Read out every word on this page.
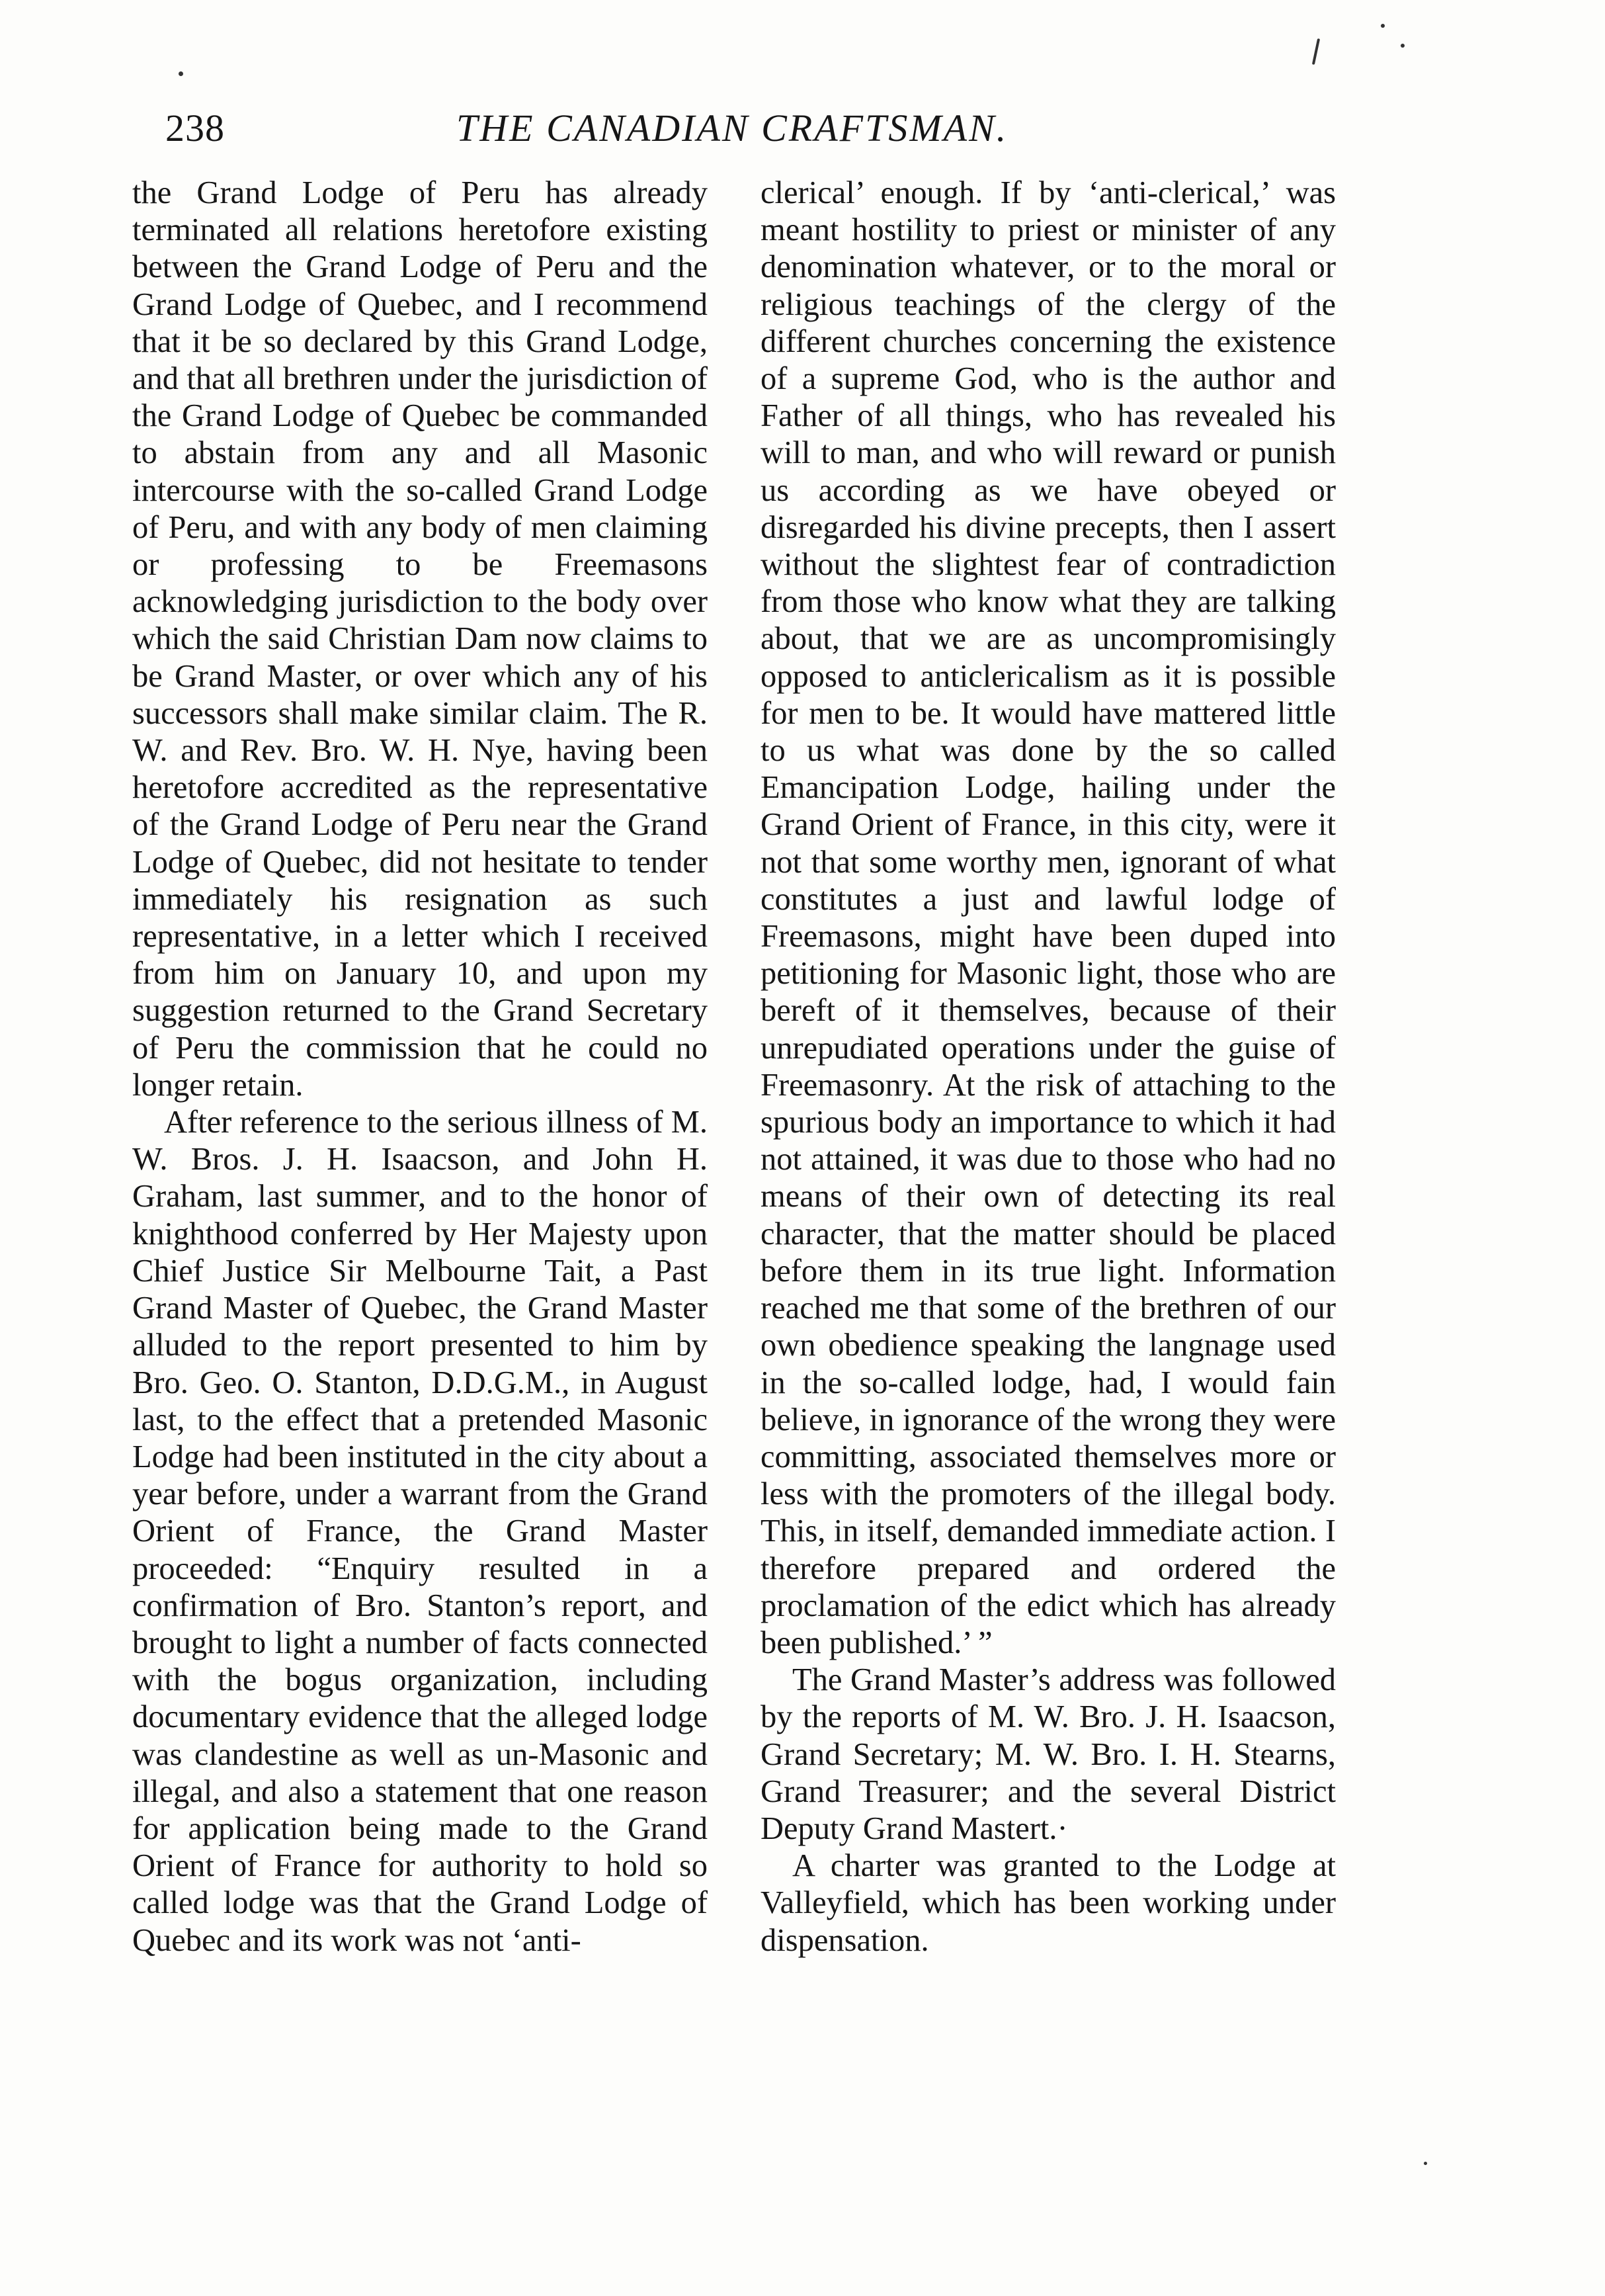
238	THE CANADIAN CRAFTSMAN.

the Grand Lodge of Peru has already terminated all relations heretofore existing between the Grand Lodge of Peru and the Grand Lodge of Quebec, and I recommend that it be so declared by this Grand Lodge, and that all brethren under the jurisdiction of the Grand Lodge of Quebec be commanded to abstain from any and all Masonic intercourse with the so-called Grand Lodge of Peru, and with any body of men claiming or professing to be Freemasons acknowledging jurisdiction to the body over which the said Christian Dam now claims to be Grand Master, or over which any of his successors shall make similar claim. The R. W. and Rev. Bro. W. H. Nye, having been heretofore accredited as the representative of the Grand Lodge of Peru near the Grand Lodge of Quebec, did not hesitate to tender immediately his resignation as such representative, in a letter which I received from him on January 10, and upon my suggestion returned to the Grand Secretary of Peru the commission that he could no longer retain.

After reference to the serious illness of M. W. Bros. J. H. Isaacson, and John H. Graham, last summer, and to the honor of knighthood conferred by Her Majesty upon Chief Justice Sir Melbourne Tait, a Past Grand Master of Quebec, the Grand Master alluded to the report presented to him by Bro. Geo. O. Stanton, D.D.G.M., in August last, to the effect that a pretended Masonic Lodge had been instituted in the city about a year before, under a warrant from the Grand Orient of France, the Grand Master proceeded: “Enquiry resulted in a confirmation of Bro. Stanton’s report, and brought to light a number of facts connected with the bogus organization, including documentary evidence that the alleged lodge was clandestine as well as un-Masonic and illegal, and also a statement that one reason for application being made to the Grand Orient of France for authority to hold so called lodge was that the Grand Lodge of Quebec and its work was not ‘anti-

clerical’ enough. If by ‘anti-clerical,’ was meant hostility to priest or minister of any denomination whatever, or to the moral or religious teachings of the clergy of the different churches concerning the existence of a supreme God, who is the author and Father of all things, who has revealed his will to man, and who will reward or punish us according as we have obeyed or disregarded his divine precepts, then I assert without the slightest fear of contradiction from those who know what they are talking about, that we are as uncompromisingly opposed to anticlericalism as it is possible for men to be. It would have mattered little to us what was done by the so called Emancipation Lodge, hailing under the Grand Orient of France, in this city, were it not that some worthy men, ignorant of what constitutes a just and lawful lodge of Freemasons, might have been duped into petitioning for Masonic light, those who are bereft of it themselves, because of their unrepudiated operations under the guise of Freemasonry. At the risk of attaching to the spurious body an importance to which it had not attained, it was due to those who had no means of their own of detecting its real character, that the matter should be placed before them in its true light. Information reached me that some of the brethren of our own obedience speaking the langnage used in the so-called lodge, had, I would fain believe, in ignorance of the wrong they were committing, associated themselves more or less with the promoters of the illegal body. This, in itself, demanded immediate action. I therefore prepared and ordered the proclamation of the edict which has already been published.’ ”

The Grand Master’s address was followed by the reports of M. W. Bro. J. H. Isaacson, Grand Secretary; M. W. Bro. I. H. Stearns, Grand Treasurer; and the several District Deputy Grand Mastert.·

A charter was granted to the Lodge at Valleyfield, which has been working under dispensation.
